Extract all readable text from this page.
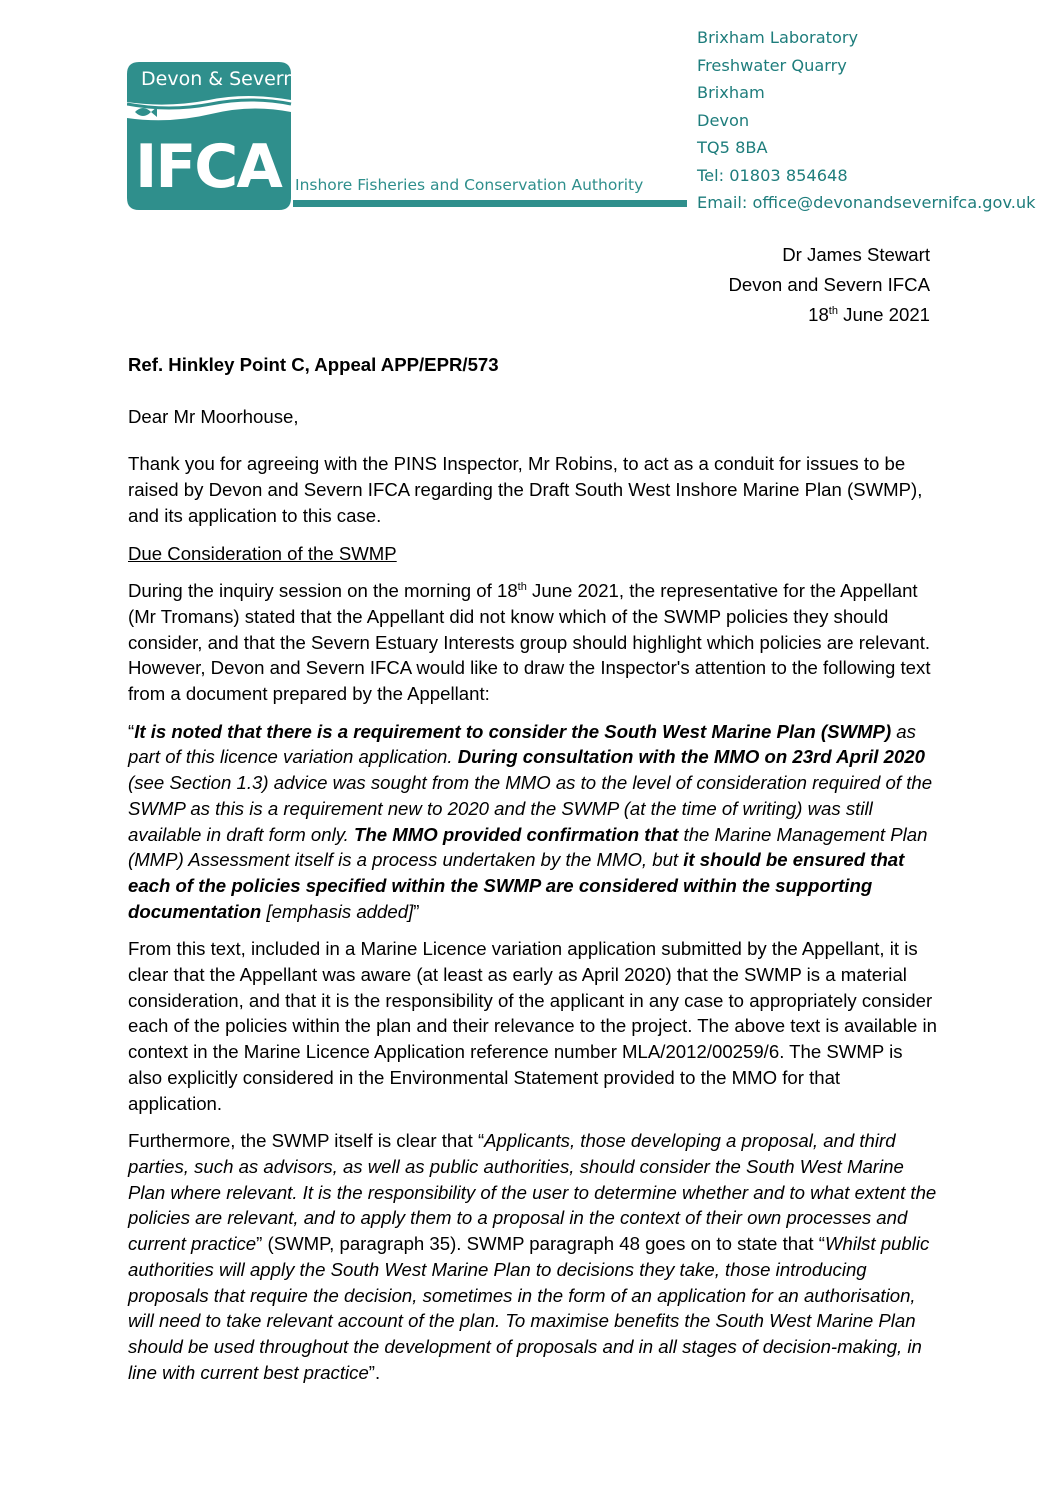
Devon & Severn
IFCA Inshore Fisheries and Conservation Authority
Brixham Laboratory
Freshwater Quarry
Brixham
Devon
TQ5 8BA
Tel: 01803 854648
Email: office@devonandsevernifca.gov.uk
Dr James Stewart
Devon and Severn IFCA
18th June 2021

Ref. Hinkley Point C, Appeal APP/EPR/573

Dear Mr Moorhouse,

Thank you for agreeing with the PINS Inspector, Mr Robins, to act as a conduit for issues to be raised by Devon and Severn IFCA regarding the Draft South West Inshore Marine Plan (SWMP), and its application to this case.

Due Consideration of the SWMP

During the inquiry session on the morning of 18th June 2021, the representative for the Appellant (Mr Tromans) stated that the Appellant did not know which of the SWMP policies they should consider, and that the Severn Estuary Interests group should highlight which policies are relevant. However, Devon and Severn IFCA would like to draw the Inspector's attention to the following text from a document prepared by the Appellant:

“It is noted that there is a requirement to consider the South West Marine Plan (SWMP) as part of this licence variation application. During consultation with the MMO on 23rd April 2020 (see Section 1.3) advice was sought from the MMO as to the level of consideration required of the SWMP as this is a requirement new to 2020 and the SWMP (at the time of writing) was still available in draft form only. The MMO provided confirmation that the Marine Management Plan (MMP) Assessment itself is a process undertaken by the MMO, but it should be ensured that each of the policies specified within the SWMP are considered within the supporting documentation [emphasis added]”

From this text, included in a Marine Licence variation application submitted by the Appellant, it is clear that the Appellant was aware (at least as early as April 2020) that the SWMP is a material consideration, and that it is the responsibility of the applicant in any case to appropriately consider each of the policies within the plan and their relevance to the project. The above text is available in context in the Marine Licence Application reference number MLA/2012/00259/6. The SWMP is also explicitly considered in the Environmental Statement provided to the MMO for that application.

Furthermore, the SWMP itself is clear that “Applicants, those developing a proposal, and third parties, such as advisors, as well as public authorities, should consider the South West Marine Plan where relevant. It is the responsibility of the user to determine whether and to what extent the policies are relevant, and to apply them to a proposal in the context of their own processes and current practice” (SWMP, paragraph 35). SWMP paragraph 48 goes on to state that “Whilst public authorities will apply the South West Marine Plan to decisions they take, those introducing proposals that require the decision, sometimes in the form of an application for an authorisation, will need to take relevant account of the plan. To maximise benefits the South West Marine Plan should be used throughout the development of proposals and in all stages of decision-making, in line with current best practice”.
